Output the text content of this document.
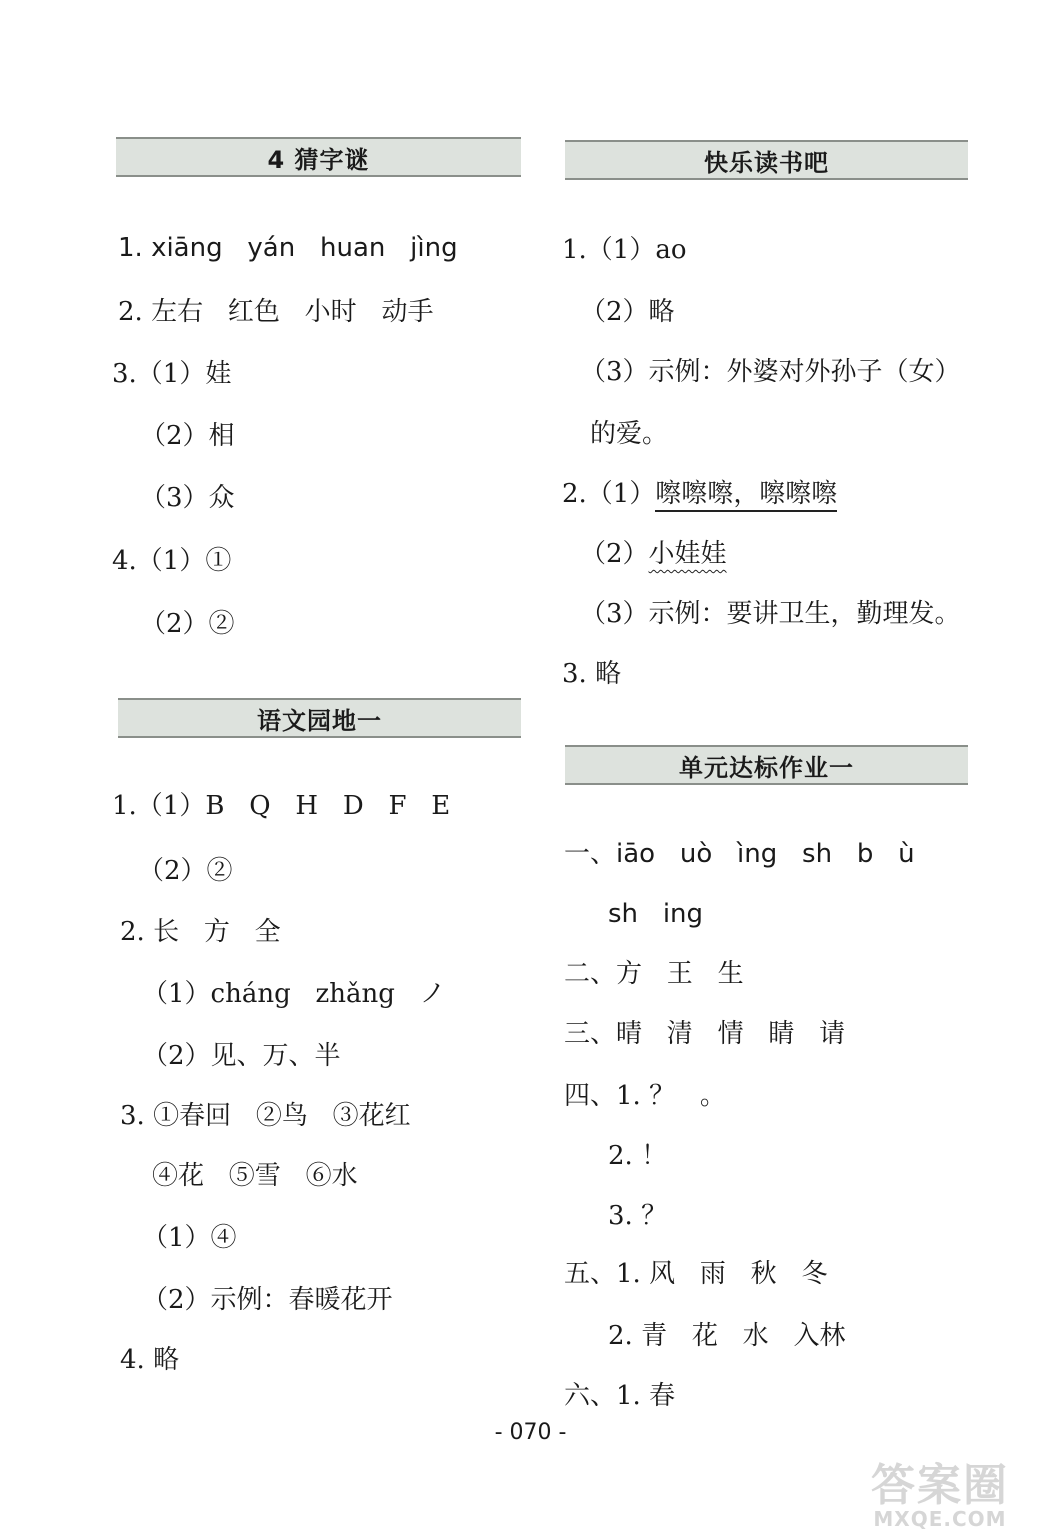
4 猜字谜
1. xiāng   yán   huan   jìng
2. 左右   红色   小时   动手
3.（1）娃
（2）相
（3）众
4.（1）①
（2）②
语文园地一
1.（1）B   Q   H   D   F   E
（2）②
2. 长   方   全
（1）cháng   zhǎng   ノ
（2）见、万、半
3. ①春回   ②鸟   ③花红
④花   ⑤雪   ⑥水
（1）④
（2）示例：春暖花开
4. 略
快乐读书吧
1.（1）ao
（2）略
（3）示例：外婆对外孙子（女）
的爱。
2.（1）嚓嚓嚓，嚓嚓嚓
（2）小娃娃
（3）示例：要讲卫生，勤理发。
3. 略
单元达标作业一
一、iāo   uò   ìng   sh   b   ù
sh   ing
二、方   王   生
三、晴   清   情   睛   请
四、1. ？   。
2. ！
3. ？
五、1. 风   雨   秋   冬
2. 青   花   水   入林
六、1. 春
- 070 -
答案圈
MXQE.COM
